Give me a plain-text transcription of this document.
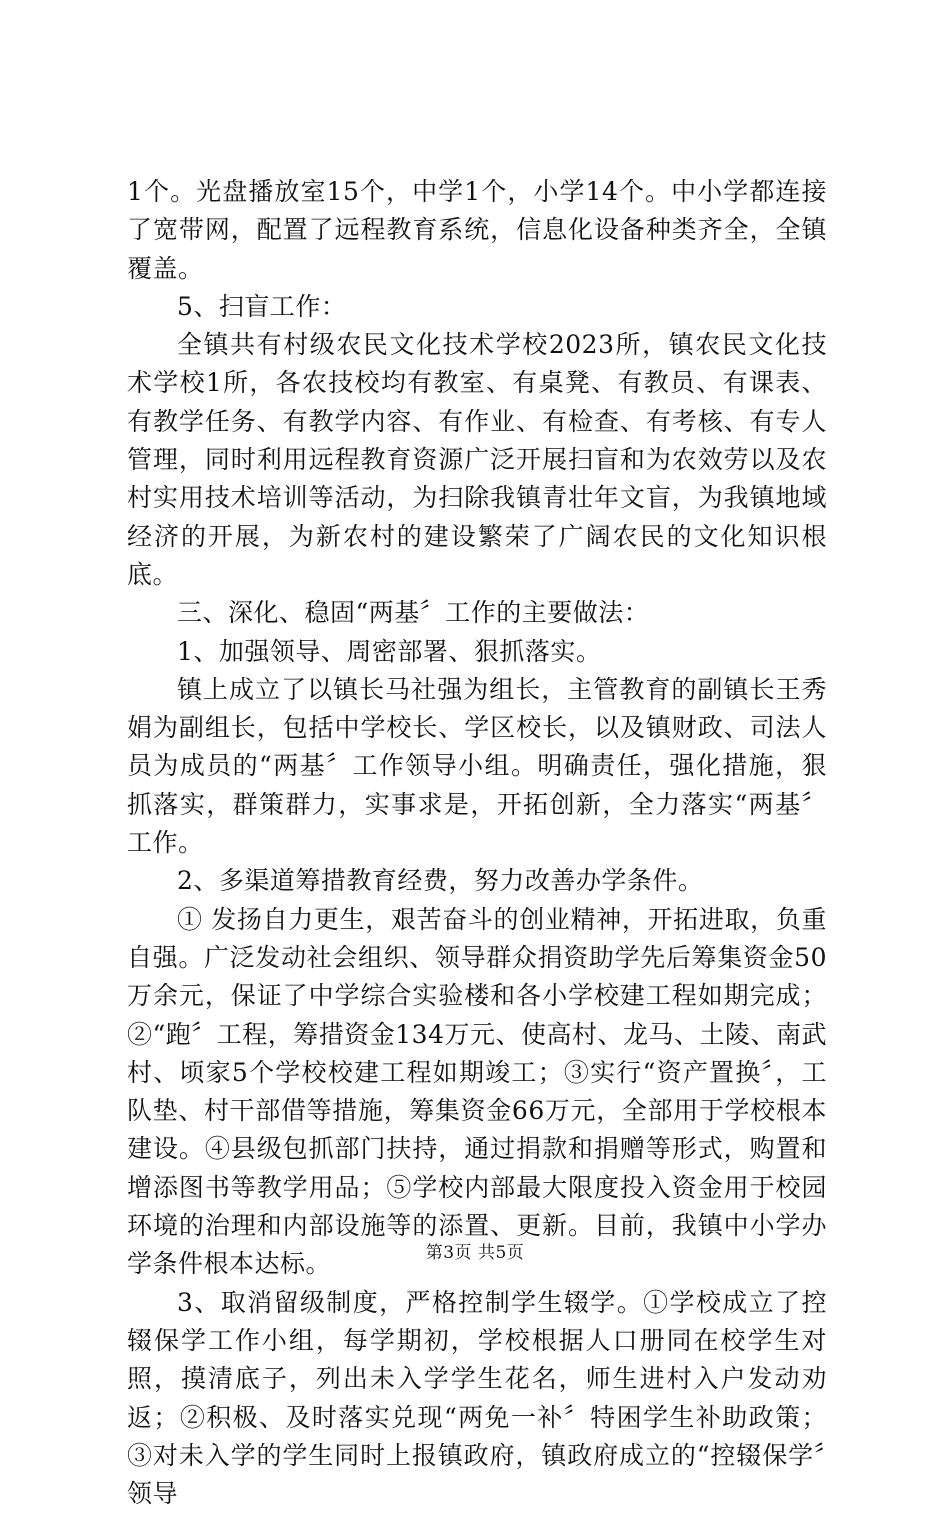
1个。光盘播放室15个，中学1个，小学14个。中小学都连接了宽带网，配置了远程教育系统，信息化设备种类齐全，全镇覆盖。

5、扫盲工作：

全镇共有村级农民文化技术学校2023所，镇农民文化技术学校1所，各农技校均有教室、有桌凳、有教员、有课表、有教学任务、有教学内容、有作业、有检查、有考核、有专人管理，同时利用远程教育资源广泛开展扫盲和为农效劳以及农村实用技术培训等活动，为扫除我镇青壮年文盲，为我镇地域经济的开展，为新农村的建设繁荣了广阔农民的文化知识根底。

三、深化、稳固“两基〞工作的主要做法：

1、加强领导、周密部署、狠抓落实。

镇上成立了以镇长马社强为组长，主管教育的副镇长王秀娟为副组长，包括中学校长、学区校长，以及镇财政、司法人员为成员的“两基〞工作领导小组。明确责任，强化措施，狠抓落实，群策群力，实事求是，开拓创新，全力落实“两基〞工作。

2、多渠道筹措教育经费，努力改善办学条件。

① 发扬自力更生，艰苦奋斗的创业精神，开拓进取，负重自强。广泛发动社会组织、领导群众捐资助学先后筹集资金50万余元，保证了中学综合实验楼和各小学校建工程如期完成；②“跑〞工程，筹措资金134万元、使高村、龙马、土陵、南武村、顷家5个学校校建工程如期竣工；③实行“资产置换〞，工队垫、村干部借等措施，筹集资金66万元，全部用于学校根本建设。④县级包抓部门扶持，通过捐款和捐赠等形式，购置和增添图书等教学用品；⑤学校内部最大限度投入资金用于校园环境的治理和内部设施等的添置、更新。目前，我镇中小学办学条件根本达标。

3、取消留级制度，严格控制学生辍学。①学校成立了控辍保学工作小组，每学期初，学校根据人口册同在校学生对照，摸清底子，列出未入学学生花名，师生进村入户发动劝返；②积极、及时落实兑现“两免一补〞特困学生补助政策；③对未入学的学生同时上报镇政府，镇政府成立的“控辍保学〞领导

第3页 共5页
